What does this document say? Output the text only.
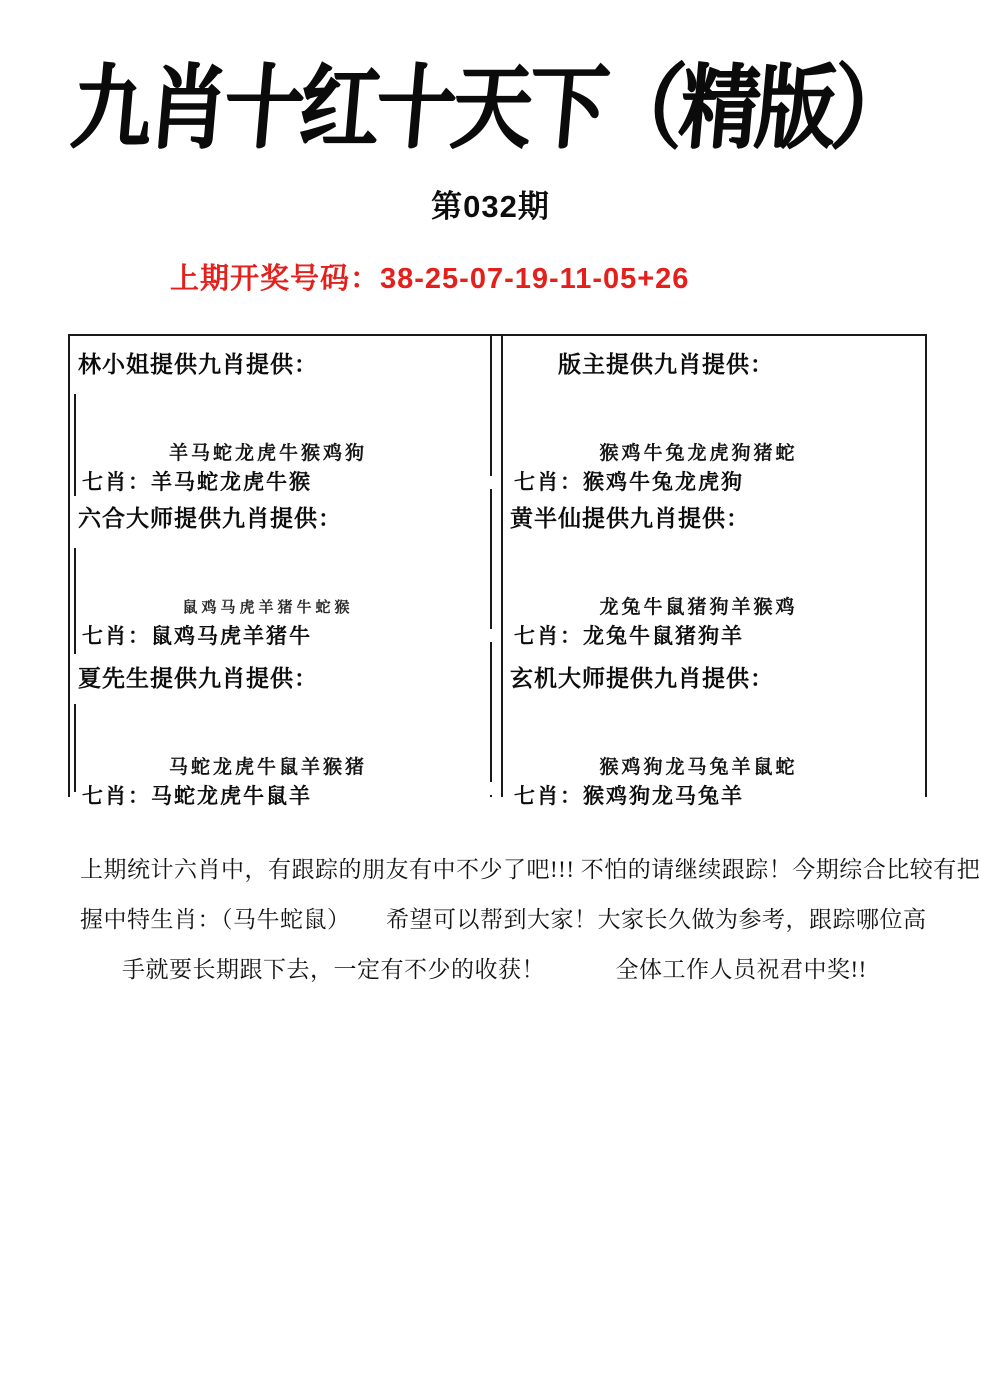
九肖十红十天下（精版）
第032期
上期开奖号码：38-25-07-19-11-05+26
林小姐提供九肖提供：
羊马蛇龙虎牛猴鸡狗
七肖：羊马蛇龙虎牛猴
六合大师提供九肖提供：
鼠鸡马虎羊猪牛蛇猴
七肖：鼠鸡马虎羊猪牛
夏先生提供九肖提供：
马蛇龙虎牛鼠羊猴猪
七肖：马蛇龙虎牛鼠羊
版主提供九肖提供：
猴鸡牛兔龙虎狗猪蛇
七肖：猴鸡牛兔龙虎狗
黄半仙提供九肖提供：
龙兔牛鼠猪狗羊猴鸡
七肖：龙兔牛鼠猪狗羊
玄机大师提供九肖提供：
猴鸡狗龙马兔羊鼠蛇
七肖：猴鸡狗龙马兔羊
上期统计六肖中，有跟踪的朋友有中不少了吧!!! 不怕的请继续跟踪！今期综合比较有把
握中特生肖：（马牛蛇鼠）　　希望可以帮到大家！大家长久做为参考，跟踪哪位高
手就要长期跟下去，一定有不少的收获！　　　全体工作人员祝君中奖!!
